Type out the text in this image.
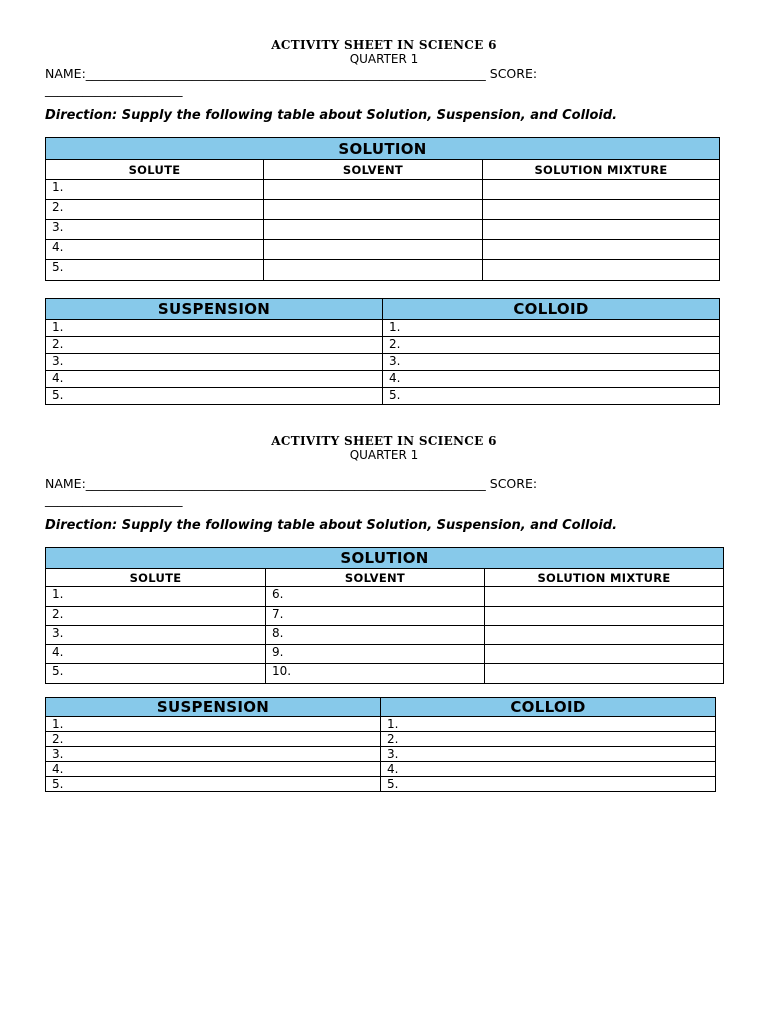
ACTIVITY SHEET IN SCIENCE 6
QUARTER 1
NAME:________________________________________________________________ SCORE:
______________________
Direction: Supply the following table about Solution, Suspension, and Colloid.
SOLUTION		
SOLUTE	SOLVENT	SOLUTION MIXTURE
1.		
2.		
3.		
4.		
5.		
SUSPENSION	COLLOID
1.	1.
2.	2.
3.	3.
4.	4.
5.	5.
ACTIVITY SHEET IN SCIENCE 6
QUARTER 1
NAME:________________________________________________________________ SCORE:
______________________
Direction: Supply the following table about Solution, Suspension, and Colloid.
SOLUTION		
SOLUTE	SOLVENT	SOLUTION MIXTURE
1.	6.	
2.	7.	
3.	8.	
4.	9.	
5.	10.	
SUSPENSION	COLLOID
1.	1.
2.	2.
3.	3.
4.	4.
5.	5.
